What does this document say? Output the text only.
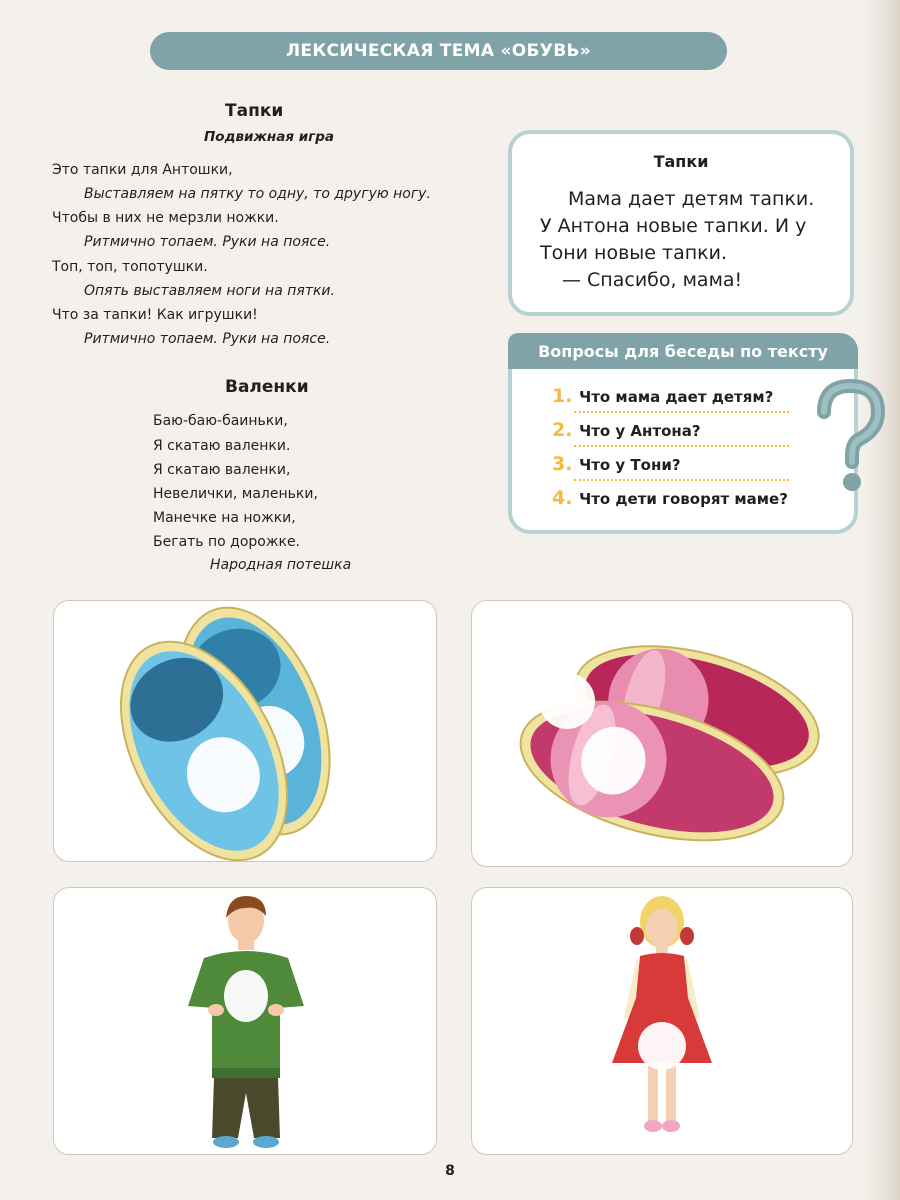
ЛЕКСИЧЕСКАЯ ТЕМА «ОБУВЬ»
Тапки
Подвижная игра
Это тапки для Антошки,
Выставляем на пятку то одну, то другую ногу.
Чтобы в них не мерзли ножки.
Ритмично топаем. Руки на поясе.
Топ, топ, топотушки.
Опять выставляем ноги на пятки.
Что за тапки! Как игрушки!
Ритмично топаем. Руки на поясе.
Валенки
Баю-баю-баиньки,
Я скатаю валенки.
Я скатаю валенки,
Невелички, маленьки,
Манечке на ножки,
Бегать по дорожке.
Народная потешка
Тапки
Мама дает детям тапки.
У Антона новые тапки. И у
Тони новые тапки.
— Спасибо, мама!
Вопросы для беседы по тексту
1. Что мама дает детям?
2. Что у Антона?
3. Что у Тони?
4. Что дети говорят маме?
8
